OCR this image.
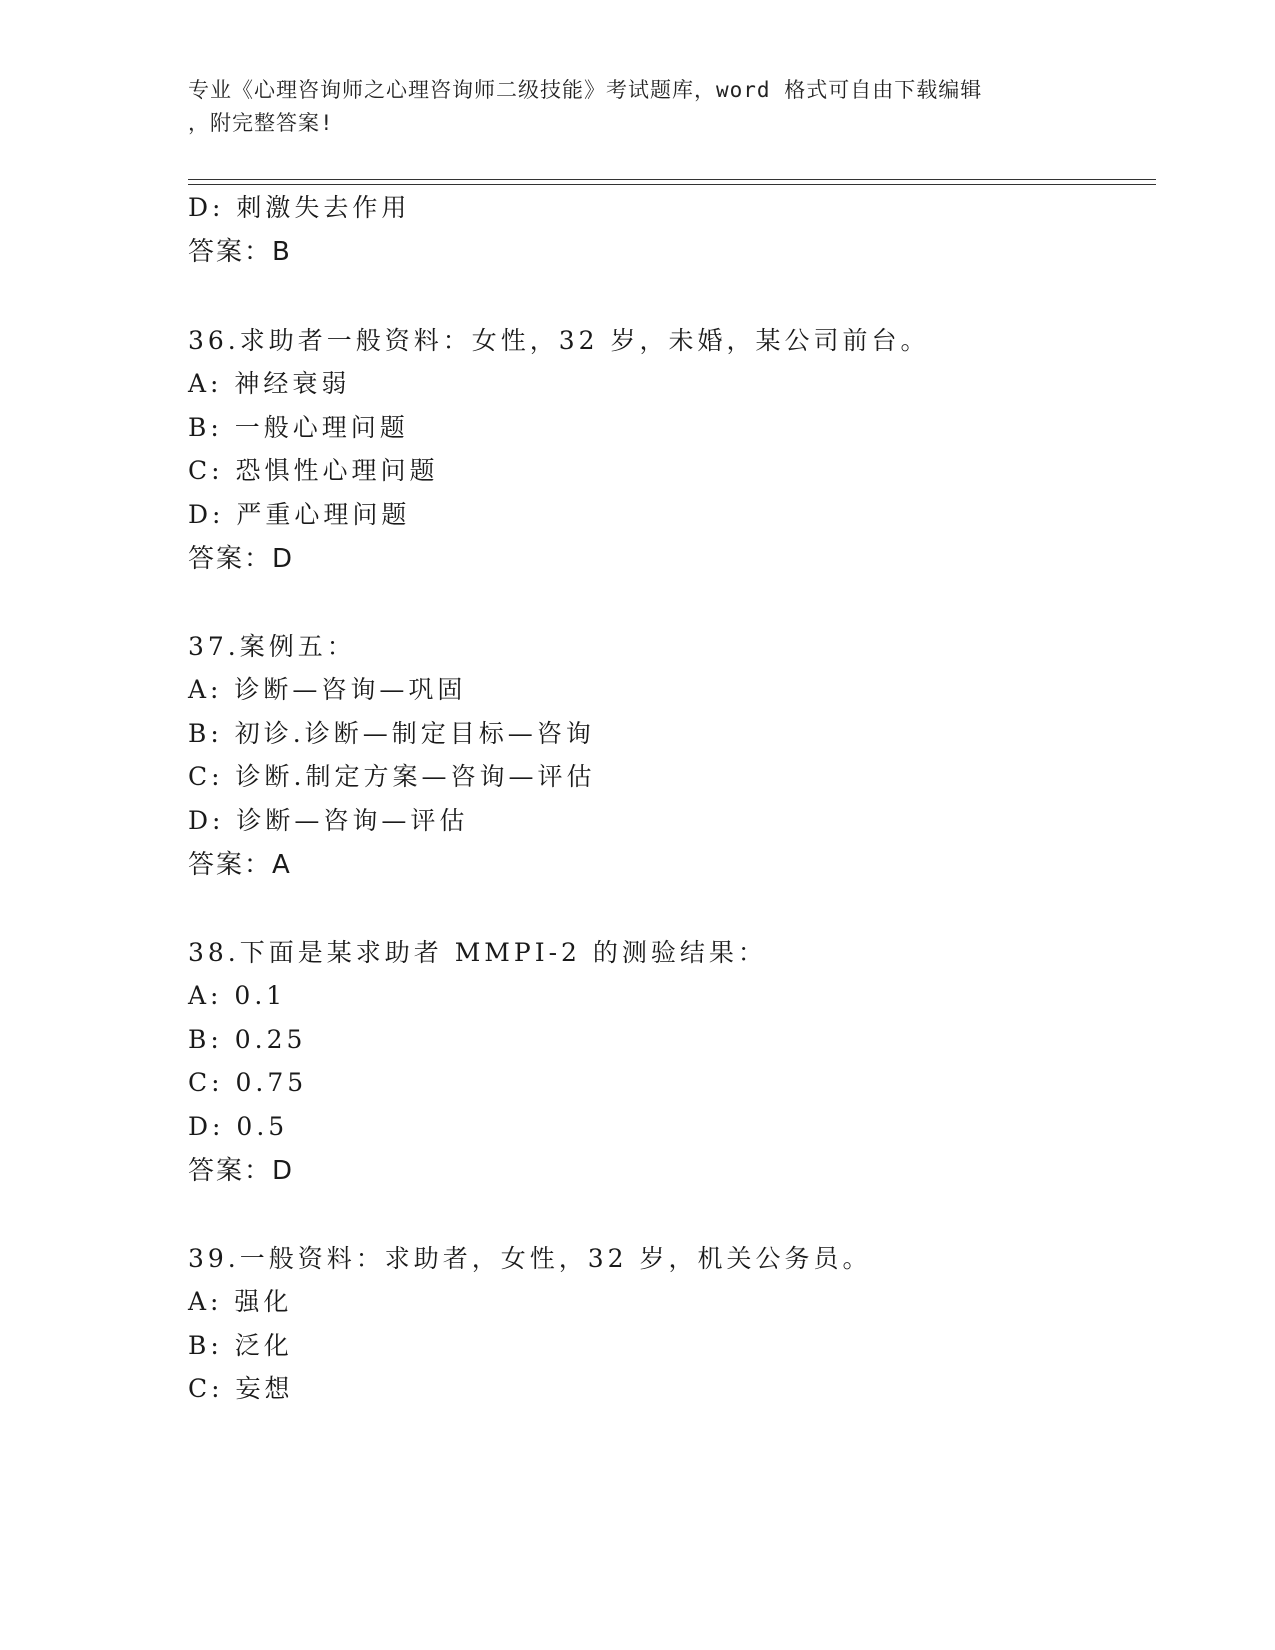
专业《心理咨询师之心理咨询师二级技能》考试题库，word 格式可自由下载编辑
，附完整答案!
D: 刺激失去作用
答案：B
36.求助者一般资料：女性，32 岁，未婚，某公司前台。
A: 神经衰弱
B: 一般心理问题
C: 恐惧性心理问题
D: 严重心理问题
答案：D
37.案例五：
A: 诊断—咨询—巩固
B: 初诊.诊断—制定目标—咨询
C: 诊断.制定方案—咨询—评估
D: 诊断—咨询—评估
答案：A
38.下面是某求助者 MMPI-2 的测验结果：
A: 0.1
B: 0.25
C: 0.75
D: 0.5
答案：D
39.一般资料：求助者，女性，32 岁，机关公务员。
A: 强化
B: 泛化
C: 妄想
